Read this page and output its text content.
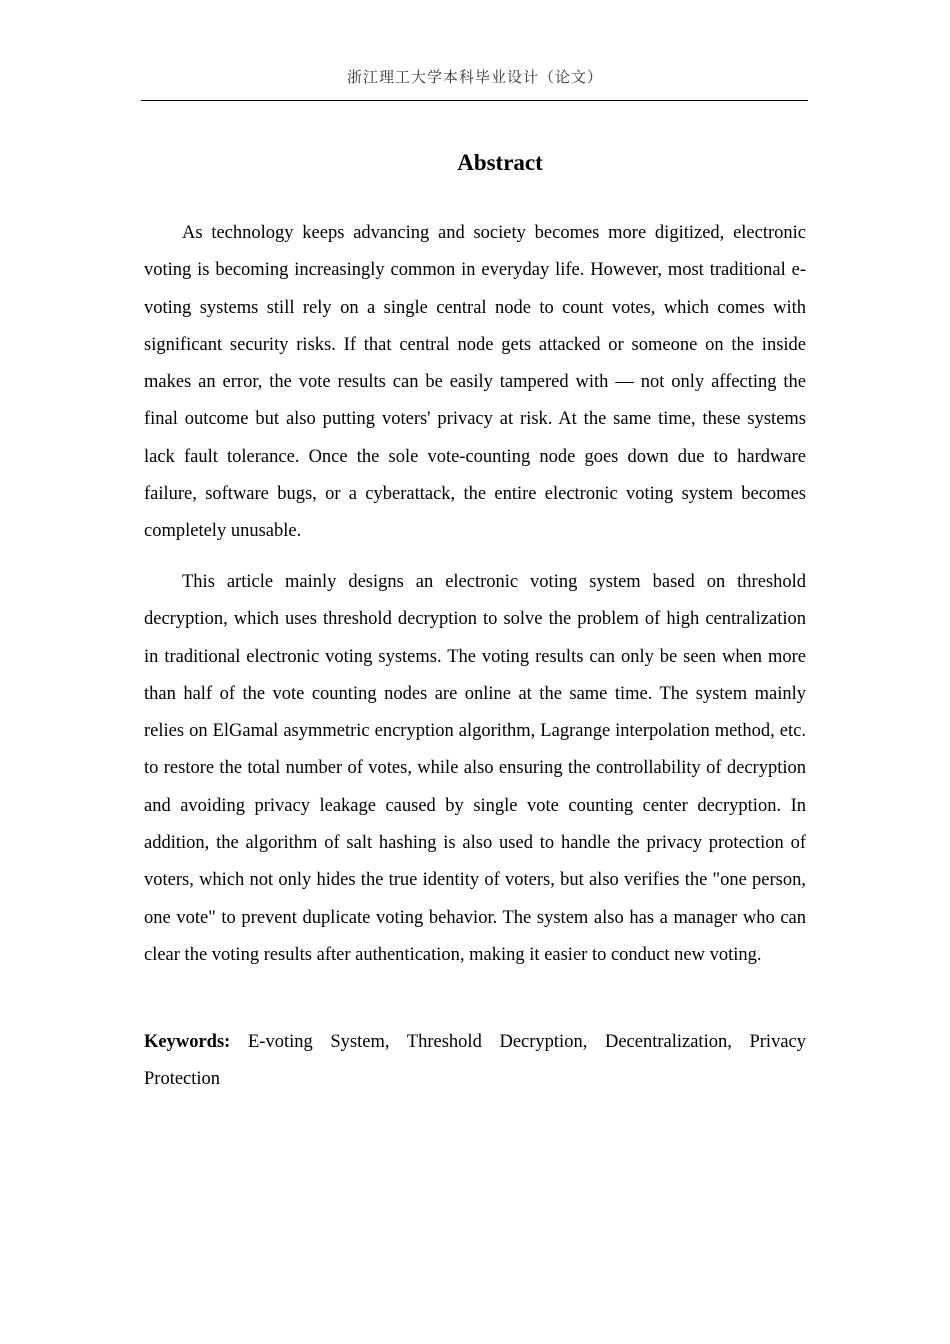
浙江理工大学本科毕业设计（论文）
Abstract

As technology keeps advancing and society becomes more digitized, electronic voting is becoming increasingly common in everyday life. However, most traditional e-voting systems still rely on a single central node to count votes, which comes with significant security risks. If that central node gets attacked or someone on the inside makes an error, the vote results can be easily tampered with — not only affecting the final outcome but also putting voters' privacy at risk. At the same time, these systems lack fault tolerance. Once the sole vote-counting node goes down due to hardware failure, software bugs, or a cyberattack, the entire electronic voting system becomes completely unusable.

This article mainly designs an electronic voting system based on threshold decryption, which uses threshold decryption to solve the problem of high centralization in traditional electronic voting systems. The voting results can only be seen when more than half of the vote counting nodes are online at the same time. The system mainly relies on ElGamal asymmetric encryption algorithm, Lagrange interpolation method, etc. to restore the total number of votes, while also ensuring the controllability of decryption and avoiding privacy leakage caused by single vote counting center decryption. In addition, the algorithm of salt hashing is also used to handle the privacy protection of voters, which not only hides the true identity of voters, but also verifies the "one person, one vote" to prevent duplicate voting behavior. The system also has a manager who can clear the voting results after authentication, making it easier to conduct new voting.

Keywords: E-voting System, Threshold Decryption, Decentralization, Privacy Protection
